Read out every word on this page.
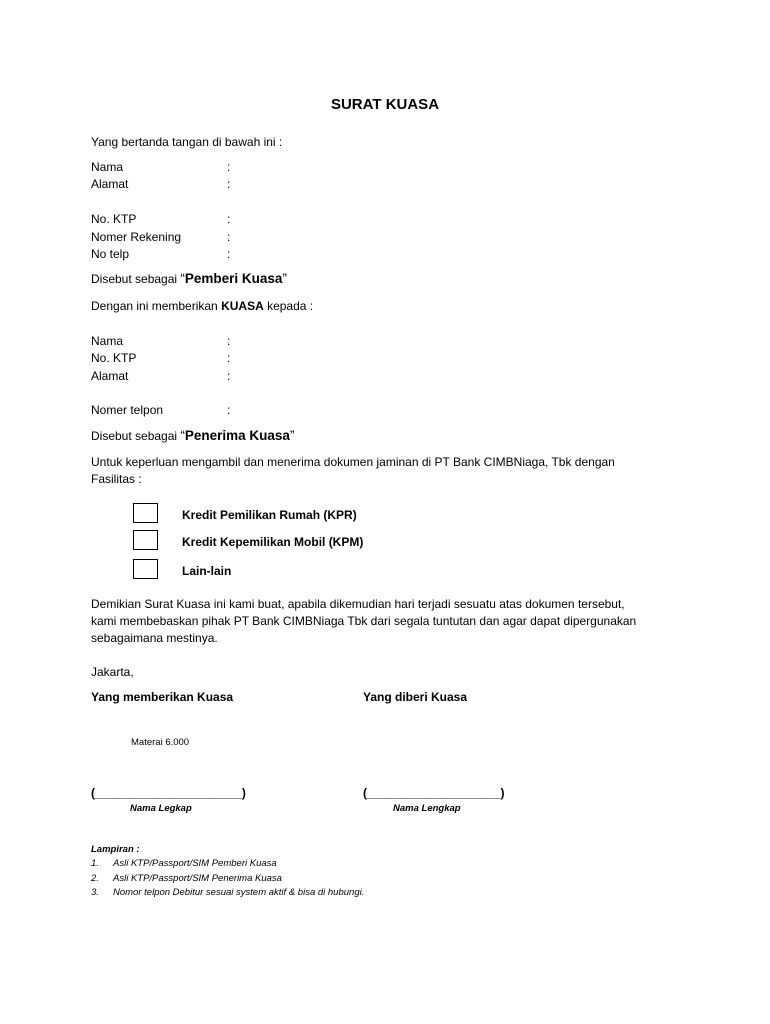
SURAT KUASA
Yang bertanda tangan di bawah ini :
Nama	:
Alamat	:
No. KTP	:
Nomer Rekening	:
No telp	:
Disebut sebagai “Pemberi Kuasa”
Dengan ini memberikan KUASA kepada :
Nama	:
No. KTP	:
Alamat	:
Nomer telpon	:
Disebut sebagai “Penerima Kuasa”
Untuk keperluan mengambil dan menerima dokumen jaminan di PT Bank CIMBNiaga, Tbk dengan
Fasilitas :
Kredit Pemilikan Rumah (KPR)
Kredit Kepemilikan Mobil (KPM)
Lain-lain
Demikian Surat Kuasa ini kami buat, apabila dikemudian hari terjadi sesuatu atas dokumen tersebut,
kami membebaskan pihak PT Bank CIMBNiaga Tbk dari segala tuntutan dan agar dapat dipergunakan
sebagaimana mestinya.
Jakarta,
Yang memberikan Kuasa	Yang diberi Kuasa
Materai 6.000
(______________________)	(____________________)
Nama Legkap	Nama Lengkap
Lampiran :
1. Asli KTP/Passport/SIM Pemberi Kuasa
2. Asli KTP/Passport/SIM Penerima Kuasa
3. Nomor telpon Debitur sesuai system aktif & bisa di hubungi.
